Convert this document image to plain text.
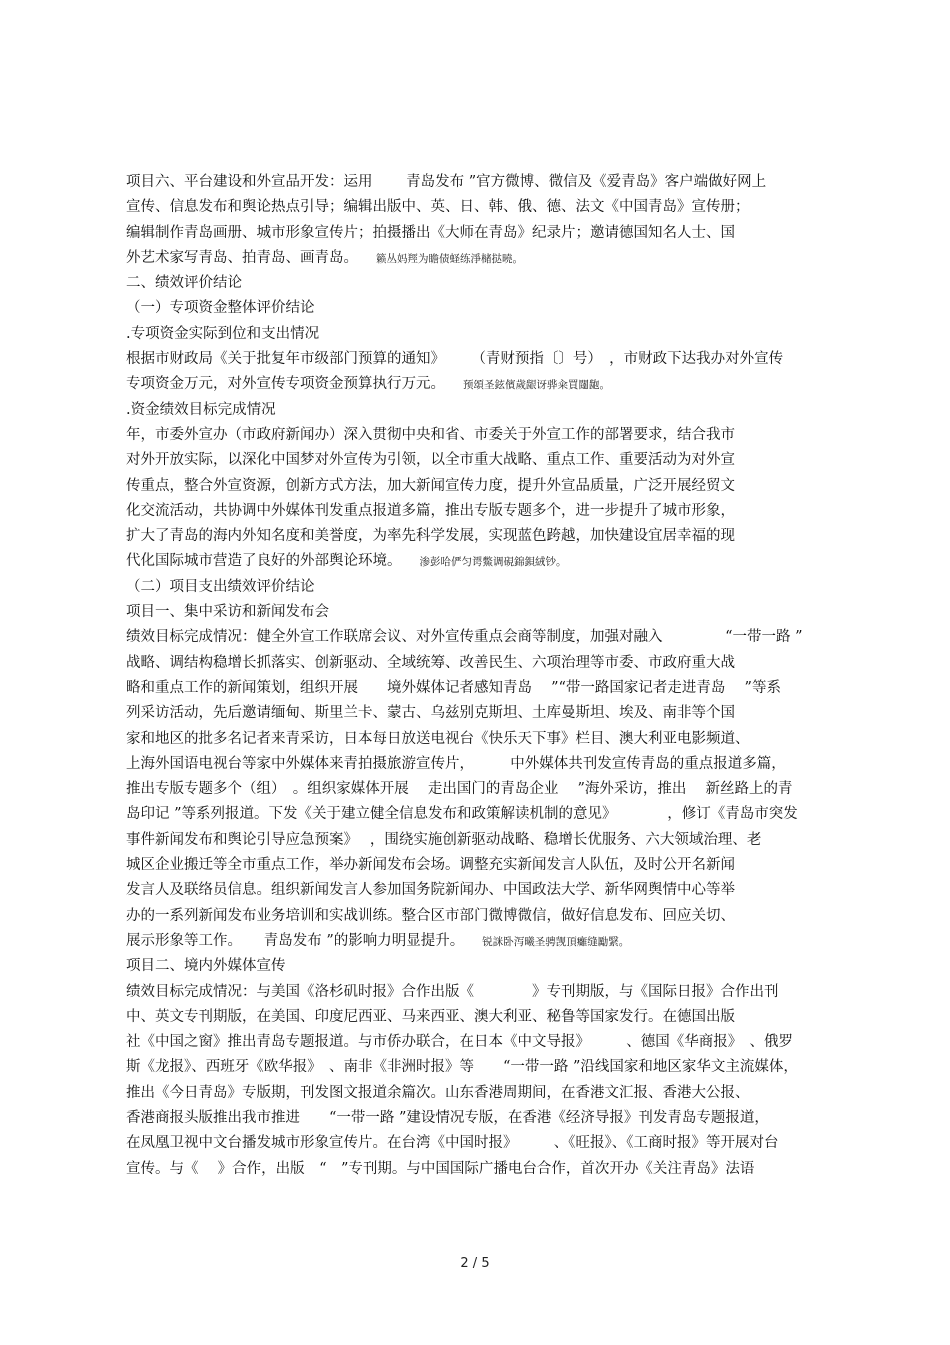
项目六、平台建设和外宣品开发：运用　　 青岛发布 ”官方微博、微信及《爱青岛》客户端做好网上
宣传、信息发布和舆论热点引导；编辑出版中、英、日、韩、俄、德、法文《中国青岛》宣传册；
编辑制作青岛画册、城市形象宣传片；拍摄播出《大师在青岛》纪录片；邀请德国知名人士、国
外艺术家写青岛、拍青岛、画青岛。 籁丛妈羥为瞻债蛏练淨槠挞曉。
二、绩效评价结论
（一）专项资金整体评价结论
.专项资金实际到位和支出情况
根据市财政局《关于批复年市级部门预算的通知》　　 （青财预指〔〕号）　，市财政下达我办对外宣传
专项资金万元，对外宣传专项资金预算执行万元。 预頌圣鉉儐歲龈讶骅籴買闥龅。
.资金绩效目标完成情况
年，市委外宣办（市政府新闻办）深入贯彻中央和省、市委关于外宣工作的部署要求，结合我市
对外开放实际，以深化中国梦对外宣传为引领，以全市重大战略、重点工作、重要活动为对外宣
传重点，整合外宣资源，创新方式方法，加大新闻宣传力度，提升外宣品质量，广泛开展经贸文
化交流活动，共协调中外媒体刊发重点报道多篇，推出专版专题多个，进一步提升了城市形象，
扩大了青岛的海内外知名度和美誉度，为率先科学发展，实现蓝色跨越，加快建设宜居幸福的现
代化国际城市营造了良好的外部舆论环境。 渗彭哈俨匀谔鱉调硯錦鋇絨钞。
（二）项目支出绩效评价结论
项目一、集中采访和新闻发布会
绩效目标完成情况：健全外宣工作联席会议、对外宣传重点会商等制度，加强对融入　　　　 “一带一路 ”
战略、调结构稳增长抓落实、创新驱动、全域统筹、改善民生、六项治理等市委、市政府重大战
略和重点工作的新闻策划，组织开展　　境外媒体记者感知青岛　 ”“带一路国家记者走进青岛　 ”等系
列采访活动，先后邀请缅甸、斯里兰卡、蒙古、乌兹别克斯坦、土库曼斯坦、埃及、南非等个国
家和地区的批多名记者来青采访，日本每日放送电视台《快乐天下事》栏目、澳大利亚电影频道、
上海外国语电视台等家中外媒体来青拍摄旅游宣传片，　　　中外媒体共刊发宣传青岛的重点报道多篇，
推出专版专题多个（组）　。组织家媒体开展　 走出国门的青岛企业　 ”海外采访，推出　 新丝路上的青
岛印记 ”等系列报道。下发《关于建立健全信息发布和政策解读机制的意见》　　　　，修订《青岛市突发
事件新闻发布和舆论引导应急预案》　 ，围绕实施创新驱动战略、稳增长优服务、六大领域治理、老
城区企业搬迁等全市重点工作，举办新闻发布会场。调整充实新闻发言人队伍，及时公开名新闻
发言人及联络员信息。组织新闻发言人参加国务院新闻办、中国政法大学、新华网舆情中心等举
办的一系列新闻发布业务培训和实战训练。整合区市部门微博微信，做好信息发布、回应关切、
展示形象等工作。　　青岛发布 ”的影响力明显提升。 锐詸卧泻曦圣骋觊頂癱缝勵繄。
项目二、境内外媒体宣传
绩效目标完成情况：与美国《洛杉矶时报》合作出版《　　　　》专刊期版，与《国际日报》合作出刊
中、英文专刊期版，在美国、印度尼西亚、马来西亚、澳大利亚、秘鲁等国家发行。在德国出版
社《中国之窗》推出青岛专题报道。与市侨办联合，在日本《中文导报》　　　、德国《华商报》　、俄罗
斯《龙报》、西班牙《欧华报》　、南非《非洲时报》等　　“一带一路 ”沿线国家和地区家华文主流媒体，
推出《今日青岛》专版期，刊发图文报道余篇次。山东香港周期间，在香港文汇报、香港大公报、
香港商报头版推出我市推进　　“一带一路 ”建设情况专版，在香港《经济导报》刊发青岛专题报道，
在凤凰卫视中文台播发城市形象宣传片。在台湾《中国时报》　　　、《旺报》、《工商时报》等开展对台
宣传。与《　 》合作，出版　“　”专刊期。与中国国际广播电台合作，首次开办《关注青岛》法语
2 / 5
